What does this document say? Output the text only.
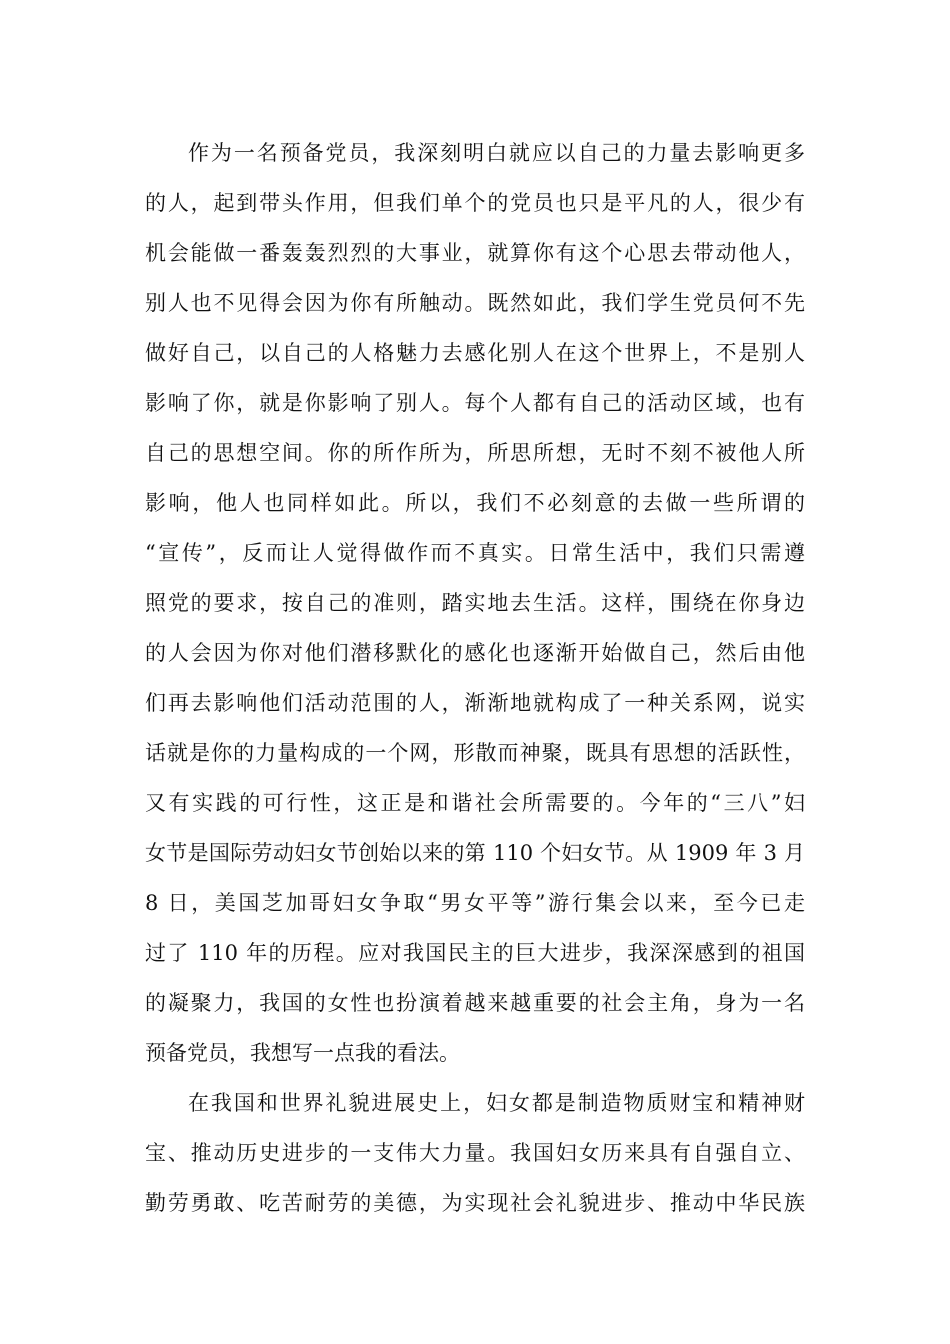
作为一名预备党员，我深刻明白就应以自己的力量去影响更多
的人，起到带头作用，但我们单个的党员也只是平凡的人，很少有
机会能做一番轰轰烈烈的大事业，就算你有这个心思去带动他人，
别人也不见得会因为你有所触动。既然如此，我们学生党员何不先
做好自己，以自己的人格魅力去感化别人在这个世界上，不是别人
影响了你，就是你影响了别人。每个人都有自己的活动区域，也有
自己的思想空间。你的所作所为，所思所想，无时不刻不被他人所
影响，他人也同样如此。所以，我们不必刻意的去做一些所谓的
“宣传”，反而让人觉得做作而不真实。日常生活中，我们只需遵
照党的要求，按自己的准则，踏实地去生活。这样，围绕在你身边
的人会因为你对他们潜移默化的感化也逐渐开始做自己，然后由他
们再去影响他们活动范围的人，渐渐地就构成了一种关系网，说实
话就是你的力量构成的一个网，形散而神聚，既具有思想的活跃性，
又有实践的可行性，这正是和谐社会所需要的。今年的“三八”妇
女节是国际劳动妇女节创始以来的第 110 个妇女节。从 1909 年 3 月
8 日，美国芝加哥妇女争取“男女平等”游行集会以来，至今已走
过了 110 年的历程。应对我国民主的巨大进步，我深深感到的祖国
的凝聚力，我国的女性也扮演着越来越重要的社会主角，身为一名
预备党员，我想写一点我的看法。
在我国和世界礼貌进展史上，妇女都是制造物质财宝和精神财
宝、推动历史进步的一支伟大力量。我国妇女历来具有自强自立、
勤劳勇敢、吃苦耐劳的美德，为实现社会礼貌进步、推动中华民族
